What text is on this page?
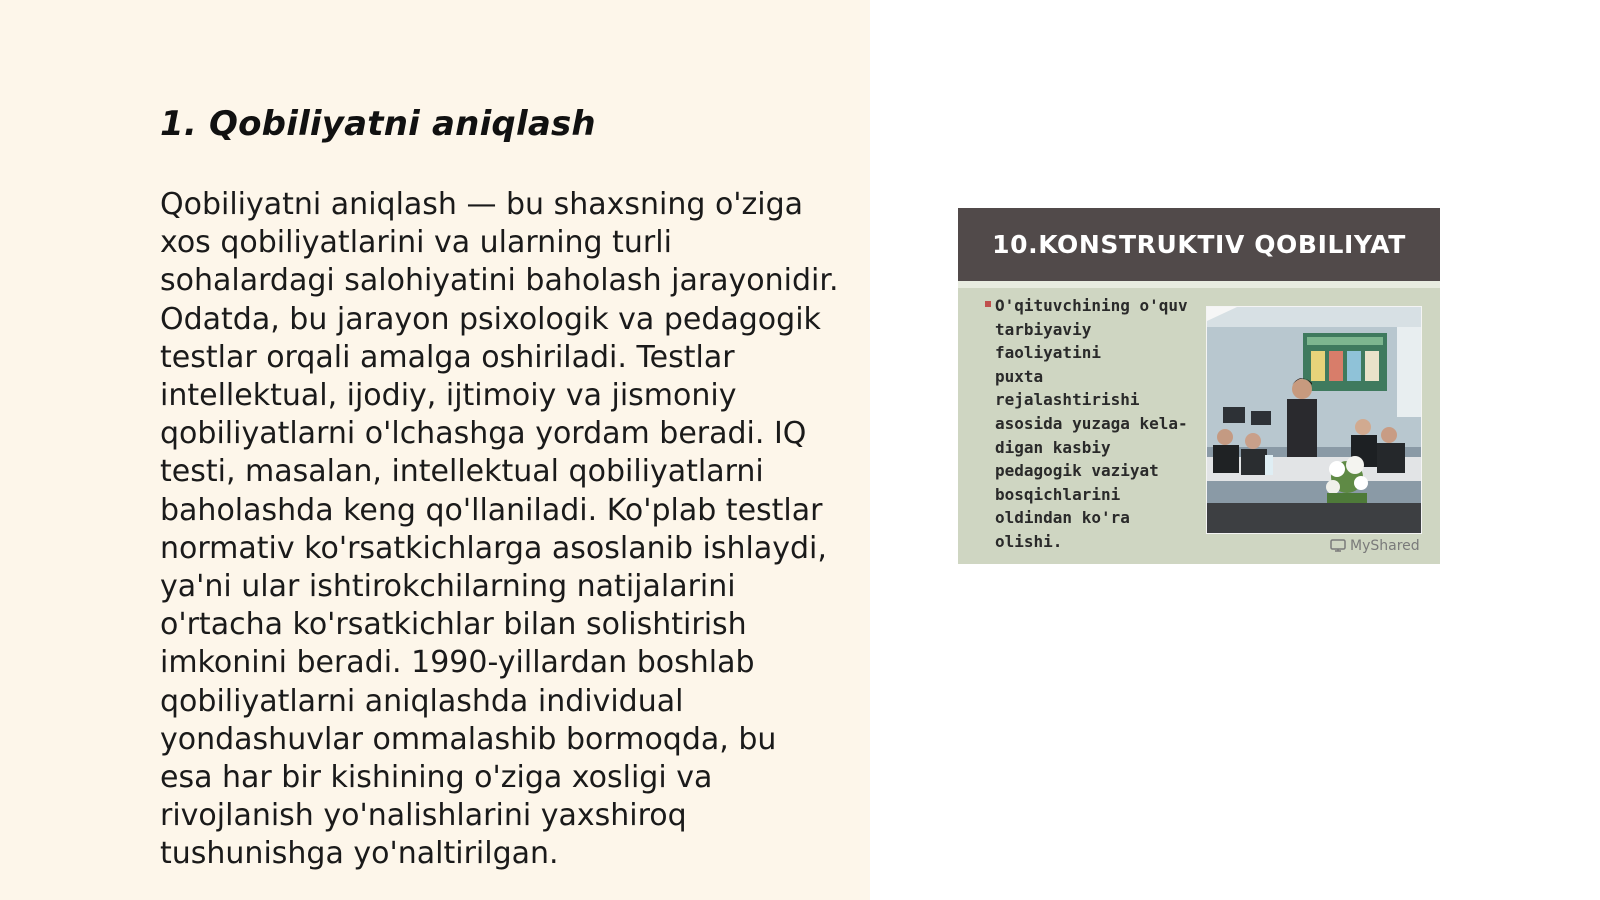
1. Qobiliyatni aniqlash

Qobiliyatni aniqlash — bu shaxsning o'ziga
xos qobiliyatlarini va ularning turli
sohalardagi salohiyatini baholash jarayonidir.
Odatda, bu jarayon psixologik va pedagogik
testlar orqali amalga oshiriladi. Testlar
intellektual, ijodiy, ijtimoiy va jismoniy
qobiliyatlarni o'lchashga yordam beradi. IQ
testi, masalan, intellektual qobiliyatlarni
baholashda keng qo'llaniladi. Ko'plab testlar
normativ ko'rsatkichlarga asoslanib ishlaydi,
ya'ni ular ishtirokchilarning natijalarini
o'rtacha ko'rsatkichlar bilan solishtirish
imkonini beradi. 1990-yillardan boshlab
qobiliyatlarni aniqlashda individual
yondashuvlar ommalashib bormoqda, bu
esa har bir kishining o'ziga xosligi va
rivojlanish yo'nalishlarini yaxshiroq
tushunishga yo'naltirilgan.

10.KONSTRUKTIV QOBILIYAT

O'qituvchining o'quv
tarbiyaviy faoliyatini
puxta rejalashtirishi
asosida yuzaga kela-
digan kasbiy
pedagogik vaziyat
bosqichlarini
oldindan ko'ra
olishi.	MyShared
